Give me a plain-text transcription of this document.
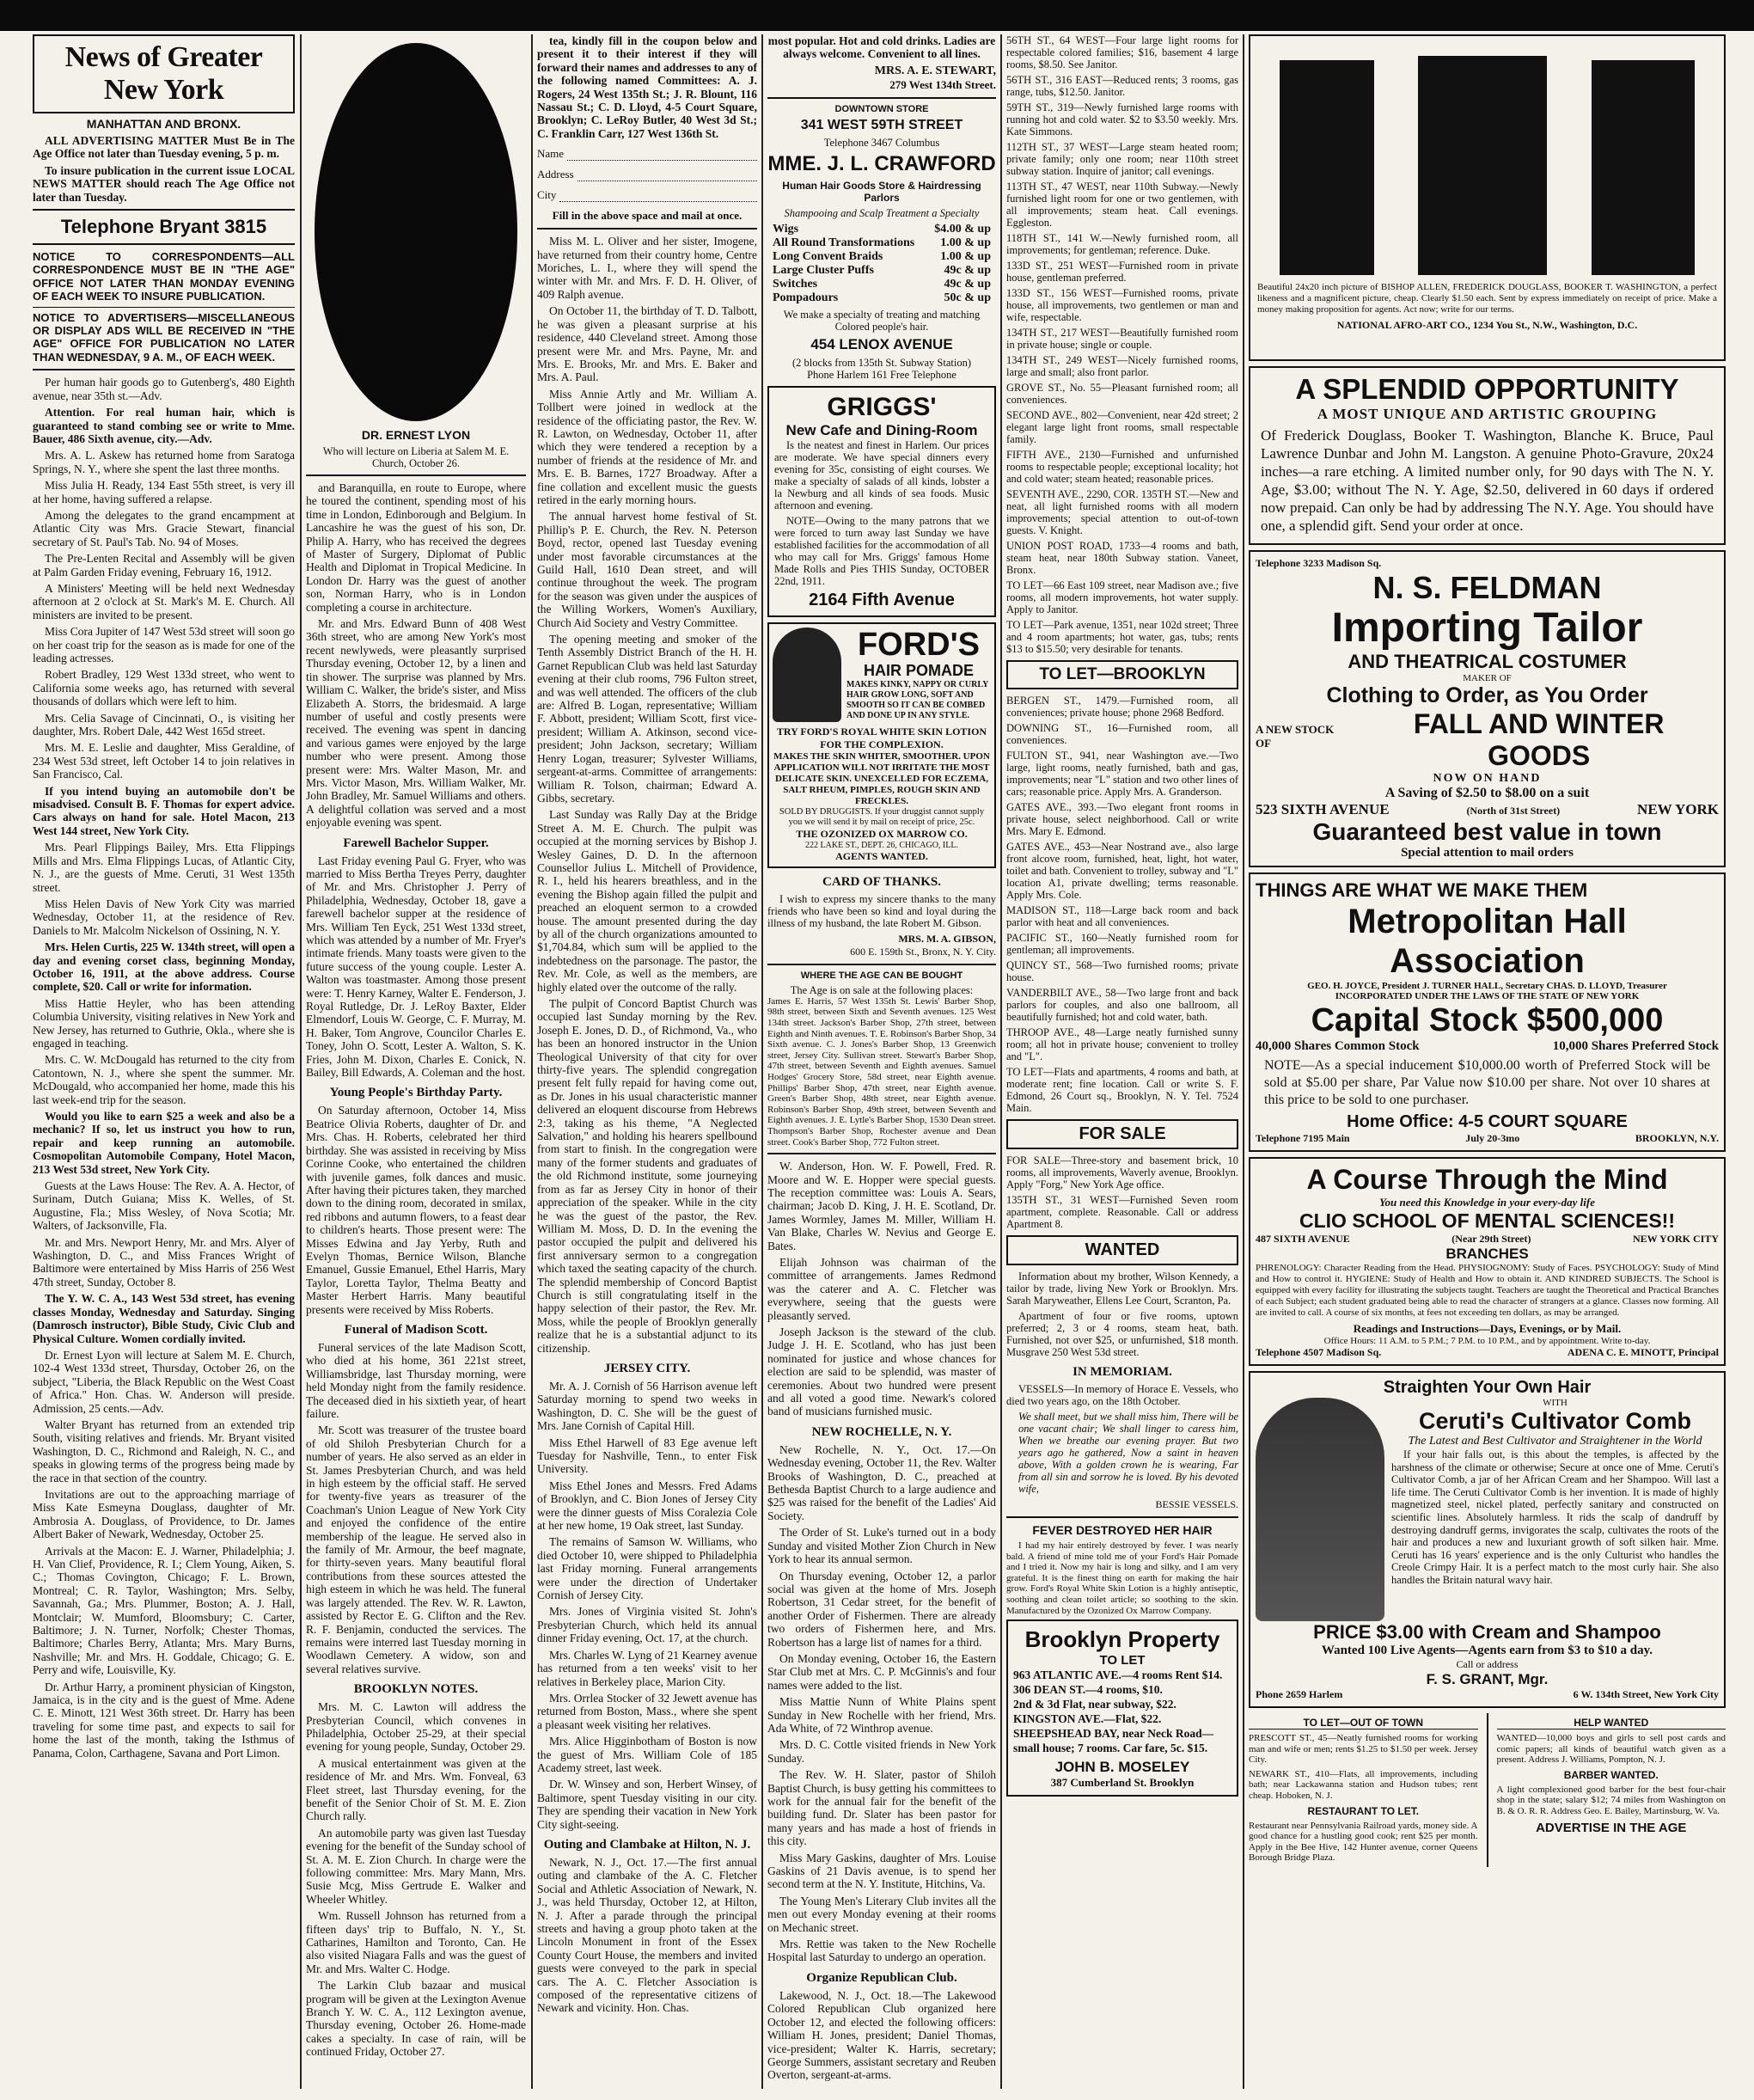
News of Greater New York
MANHATTAN AND BRONX.

ALL ADVERTISING MATTER Must Be in The Age Office not later than Tuesday evening, 5 p. m.

To insure publication in the current issue LOCAL NEWS MATTER should reach The Age Office not later than Tuesday.

Telephone Bryant 3815

NOTICE TO CORRESPONDENTS—ALL CORRESPONDENCE MUST BE IN "THE AGE" OFFICE NOT LATER THAN MONDAY EVENING OF EACH WEEK TO INSURE PUBLICATION.

NOTICE TO ADVERTISERS—MISCELLANEOUS OR DISPLAY ADS WILL BE RECEIVED IN "THE AGE" OFFICE FOR PUBLICATION NO LATER THAN WEDNESDAY, 9 A. M., OF EACH WEEK.

Per human hair goods go to Gutenberg's, 480 Eighth avenue, near 35th st.—Adv.

Attention. For real human hair, which is guaranteed to stand combing see or write to Mme. Bauer, 486 Sixth avenue, city.—Adv.

Mrs. A. L. Askew has returned home from Saratoga Springs, N. Y., where she spent the last three months.

Miss Julia H. Ready, 134 East 55th street, is very ill at her home, having suffered a relapse.

Among the delegates to the grand encampment at Atlantic City was Mrs. Gracie Stewart, financial secretary of St. Paul's Tab. No. 94 of Moses.

The Pre-Lenten Recital and Assembly will be given at Palm Garden Friday evening, February 16, 1912.

A Ministers' Meeting will be held next Wednesday afternoon at 2 o'clock at St. Mark's M. E. Church. All ministers are invited to be present.

Miss Cora Jupiter of 147 West 53d street will soon go on her coast trip for the season as is made for one of the leading actresses.

Robert Bradley, 129 West 133d street, who went to California some weeks ago, has returned with several thousands of dollars which were left to him.

Mrs. Celia Savage of Cincinnati, O., is visiting her daughter, Mrs. Robert Dale, 442 West 165d street.

Mrs. M. E. Leslie and daughter, Miss Geraldine, of 234 West 53d street, left October 14 to join relatives in San Francisco, Cal.

If you intend buying an automobile don't be misadvised. Consult B. F. Thomas for expert advice. Cars always on hand for sale. Hotel Macon, 213 West 144 street, New York City.

Mrs. Pearl Flippings Bailey, Mrs. Etta Flippings Mills and Mrs. Elma Flippings Lucas, of Atlantic City, N. J., are the guests of Mme. Ceruti, 31 West 135th street.

Miss Helen Davis of New York City was married Wednesday, October 11, at the residence of Rev. Daniels to Mr. Malcolm Nickelson of Ossining, N. Y.

Mrs. Helen Curtis, 225 W. 134th street, will open a day and evening corset class, beginning Monday, October 16, 1911, at the above address. Course complete, $20. Call or write for information.

Miss Hattie Heyler, who has been attending Columbia University, visiting relatives in New York and New Jersey, has returned to Guthrie, Okla., where she is engaged in teaching.

Mrs. C. W. McDougald has returned to the city from Catontown, N. J., where she spent the summer. Mr. McDougald, who accompanied her home, made this his last week-end trip for the season.

Would you like to earn $25 a week and also be a mechanic? If so, let us instruct you how to run, repair and keep running an automobile. Cosmopolitan Automobile Company, Hotel Macon, 213 West 53d street, New York City.

Guests at the Laws House: The Rev. A. A. Hector, of Surinam, Dutch Guiana; Miss K. Welles, of St. Augustine, Fla.; Miss Wesley, of Nova Scotia; Mr. Walters, of Jacksonville, Fla.

Mr. and Mrs. Newport Henry, Mr. and Mrs. Alyer of Washington, D. C., and Miss Frances Wright of Baltimore were entertained by Miss Harris of 256 West 47th street, Sunday, October 8.

The Y. W. C. A., 143 West 53d street, has evening classes Monday, Wednesday and Saturday. Singing (Damrosch instructor), Bible Study, Civic Club and Physical Culture. Women cordially invited.

Dr. Ernest Lyon will lecture at Salem M. E. Church, 102-4 West 133d street, Thursday, October 26, on the subject, "Liberia, the Black Republic on the West Coast of Africa." Hon. Chas. W. Anderson will preside. Admission, 25 cents.—Adv.

Walter Bryant has returned from an extended trip South, visiting relatives and friends. Mr. Bryant visited Washington, D. C., Richmond and Raleigh, N. C., and speaks in glowing terms of the progress being made by the race in that section of the country.

Invitations are out to the approaching marriage of Miss Kate Esmeyna Douglass, daughter of Mr. Ambrosia A. Douglass, of Providence, to Dr. James Albert Baker of Newark, Wednesday, October 25.

Arrivals at the Macon: E. J. Warner, Philadelphia; J. H. Van Clief, Providence, R. I.; Clem Young, Aiken, S. C.; Thomas Covington, Chicago; F. L. Brown, Montreal; C. R. Taylor, Washington; Mrs. Selby, Savannah, Ga.; Mrs. Plummer, Boston; A. J. Hall, Montclair; W. Mumford, Bloomsbury; C. Carter, Baltimore; J. N. Turner, Norfolk; Chester Thomas, Baltimore; Charles Berry, Atlanta; Mrs. Mary Burns, Nashville; Mr. and Mrs. H. Goddale, Chicago; G. E. Perry and wife, Louisville, Ky.

Dr. Arthur Harry, a prominent physician of Kingston, Jamaica, is in the city and is the guest of Mme. Adene C. E. Minott, 121 West 36th street. Dr. Harry has been traveling for some time past, and expects to sail for home the last of the month, taking the Isthmus of Panama, Colon, Carthagene, Savana and Port Limon.

DR. ERNEST LYON

Who will lecture on Liberia at Salem M. E. Church, October 26.

and Baranquilla, en route to Europe, where he toured the continent, spending most of his time in London, Edinborough and Belgium. In Lancashire he was the guest of his son, Dr. Philip A. Harry, who has received the degrees of Master of Surgery, Diplomat of Public Health and Diplomat in Tropical Medicine. In London Dr. Harry was the guest of another son, Norman Harry, who is in London completing a course in architecture.

Mr. and Mrs. Edward Bunn of 408 West 36th street, who are among New York's most recent newlyweds, were pleasantly surprised Thursday evening, October 12, by a linen and tin shower. The surprise was planned by Mrs. William C. Walker, the bride's sister, and Miss Elizabeth A. Storrs, the bridesmaid. A large number of useful and costly presents were received. The evening was spent in dancing and various games were enjoyed by the large number who were present. Among those present were: Mrs. Walter Mason, Mr. and Mrs. Victor Mason, Mrs. William Walker, Mr. John Bradley, Mr. Samuel Williams and others. A delightful collation was served and a most enjoyable evening was spent.

Farewell Bachelor Supper.

Last Friday evening Paul G. Fryer, who was married to Miss Bertha Treyes Perry, daughter of Mr. and Mrs. Christopher J. Perry of Philadelphia, Wednesday, October 18, gave a farewell bachelor supper at the residence of Mrs. William Ten Eyck, 251 West 133d street, which was attended by a number of Mr. Fryer's intimate friends. Many toasts were given to the future success of the young couple. Lester A. Walton was toastmaster. Among those present were: T. Henry Karney, Walter E. Fenderson, J. Royal Rutledge, Dr. J. LeRoy Baxter, Elder Elmendorf, Louis W. George, C. F. Murray, M. H. Baker, Tom Angrove, Councilor Charles E. Toney, John O. Scott, Lester A. Walton, S. K. Fries, John M. Dixon, Charles E. Conick, N. Bailey, Bill Edwards, A. Coleman and the host.

Young People's Birthday Party.

On Saturday afternoon, October 14, Miss Beatrice Olivia Roberts, daughter of Dr. and Mrs. Chas. H. Roberts, celebrated her third birthday. She was assisted in receiving by Miss Corinne Cooke, who entertained the children with juvenile games, folk dances and music. After having their pictures taken, they marched down to the dining room, decorated in smilax, red ribbons and autumn flowers, to a feast dear to children's hearts. Those present were: The Misses Edwina and Jay Yerby, Ruth and Evelyn Thomas, Bernice Wilson, Blanche Emanuel, Gussie Emanuel, Ethel Harris, Mary Taylor, Loretta Taylor, Thelma Beatty and Master Herbert Harris. Many beautiful presents were received by Miss Roberts.

Funeral of Madison Scott.

Funeral services of the late Madison Scott, who died at his home, 361 221st street, Williamsbridge, last Thursday morning, were held Monday night from the family residence. The deceased died in his sixtieth year, of heart failure.

Mr. Scott was treasurer of the trustee board of old Shiloh Presbyterian Church for a number of years. He also served as an elder in St. James Presbyterian Church, and was held in high esteem by the official staff. He served for twenty-five years as treasurer of the Coachman's Union League of New York City and enjoyed the confidence of the entire membership of the league. He served also in the family of Mr. Armour, the beef magnate, for thirty-seven years. Many beautiful floral contributions from these sources attested the high esteem in which he was held. The funeral was largely attended. The Rev. W. R. Lawton, assisted by Rector E. G. Clifton and the Rev. R. F. Benjamin, conducted the services. The remains were interred last Tuesday morning in Woodlawn Cemetery. A widow, son and several relatives survive.

BROOKLYN NOTES.

Mrs. M. C. Lawton will address the Presbyterian Council, which convenes in Philadelphia, October 25-29, at their special evening for young people, Sunday, October 29.

A musical entertainment was given at the residence of Mr. and Mrs. Wm. Fonveal, 63 Fleet street, last Thursday evening, for the benefit of the Senior Choir of St. M. E. Zion Church rally.

An automobile party was given last Tuesday evening for the benefit of the Sunday school of St. A. M. E. Zion Church. In charge were the following committee: Mrs. Mary Mann, Mrs. Susie Mcg, Miss Gertrude E. Walker and Wheeler Whitley.

Wm. Russell Johnson has returned from a fifteen days' trip to Buffalo, N. Y., St. Catharines, Hamilton and Toronto, Can. He also visited Niagara Falls and was the guest of Mr. and Mrs. Walter C. Hodge.

The Larkin Club bazaar and musical program will be given at the Lexington Avenue Branch Y. W. C. A., 112 Lexington avenue, Thursday evening, October 26. Home-made cakes a specialty. In case of rain, will be continued Friday, October 27.

tea, kindly fill in the coupon below and present it to their interest if they will forward their names and addresses to any of the following named Committees: A. J. Rogers, 24 West 135th St.; J. R. Blount, 116 Nassau St.; C. D. Lloyd, 4-5 Court Square, Brooklyn; C. LeRoy Butler, 40 West 3d St.; C. Franklin Carr, 127 West 136th St.

Name
Address
City
Fill in the above space and mail at once.

Miss M. L. Oliver and her sister, Imogene, have returned from their country home, Centre Moriches, L. I., where they will spend the winter with Mr. and Mrs. F. D. H. Oliver, of 409 Ralph avenue.

On October 11, the birthday of T. D. Talbott, he was given a pleasant surprise at his residence, 440 Cleveland street. Among those present were Mr. and Mrs. Payne, Mr. and Mrs. E. Brooks, Mr. and Mrs. E. Baker and Mrs. A. Paul.

Miss Annie Artly and Mr. William A. Tollbert were joined in wedlock at the residence of the officiating pastor, the Rev. W. R. Lawton, on Wednesday, October 11, after which they were tendered a reception by a number of friends at the residence of Mr. and Mrs. E. B. Barnes, 1727 Broadway. After a fine collation and excellent music the guests retired in the early morning hours.

The annual harvest home festival of St. Phillip's P. E. Church, the Rev. N. Peterson Boyd, rector, opened last Tuesday evening under most favorable circumstances at the Guild Hall, 1610 Dean street, and will continue throughout the week. The program for the season was given under the auspices of the Willing Workers, Women's Auxiliary, Church Aid Society and Vestry Committee.

The opening meeting and smoker of the Tenth Assembly District Branch of the H. H. Garnet Republican Club was held last Saturday evening at their club rooms, 796 Fulton street, and was well attended. The officers of the club are: Alfred B. Logan, representative; William F. Abbott, president; William Scott, first vice-president; William A. Atkinson, second vice-president; John Jackson, secretary; William Henry Logan, treasurer; Sylvester Williams, sergeant-at-arms. Committee of arrangements: William R. Tolson, chairman; Edward A. Gibbs, secretary.

Last Sunday was Rally Day at the Bridge Street A. M. E. Church. The pulpit was occupied at the morning services by Bishop J. Wesley Gaines, D. D. In the afternoon Counsellor Julius L. Mitchell of Providence, R. I., held his hearers breathless, and in the evening the Bishop again filled the pulpit and preached an eloquent sermon to a crowded house. The amount presented during the day by all of the church organizations amounted to $1,704.84, which sum will be applied to the indebtedness on the parsonage. The pastor, the Rev. Mr. Cole, as well as the members, are highly elated over the outcome of the rally.

The pulpit of Concord Baptist Church was occupied last Sunday morning by the Rev. Joseph E. Jones, D. D., of Richmond, Va., who has been an honored instructor in the Union Theological University of that city for over thirty-five years. The splendid congregation present felt fully repaid for having come out, as Dr. Jones in his usual characteristic manner delivered an eloquent discourse from Hebrews 2:3, taking as his theme, "A Neglected Salvation," and holding his hearers spellbound from start to finish. In the congregation were many of the former students and graduates of the old Richmond institute, some journeying from as far as Jersey City in honor of their appreciation of the speaker. While in the city he was the guest of the pastor, the Rev. William M. Moss, D. D. In the evening the pastor occupied the pulpit and delivered his first anniversary sermon to a congregation which taxed the seating capacity of the church. The splendid membership of Concord Baptist Church is still congratulating itself in the happy selection of their pastor, the Rev. Mr. Moss, while the people of Brooklyn generally realize that he is a substantial adjunct to its citizenship.

JERSEY CITY.

Mr. A. J. Cornish of 56 Harrison avenue left Saturday morning to spend two weeks in Washington, D. C. She will be the guest of Mrs. Jane Cornish of Capital Hill.

Miss Ethel Harwell of 83 Ege avenue left Tuesday for Nashville, Tenn., to enter Fisk University.

Miss Ethel Jones and Messrs. Fred Adams of Brooklyn, and C. Bion Jones of Jersey City were the dinner guests of Miss Coralezia Cole at her new home, 19 Oak street, last Sunday.

The remains of Samson W. Williams, who died October 10, were shipped to Philadelphia last Friday morning. Funeral arrangements were under the direction of Undertaker Cornish of Jersey City.

Mrs. Jones of Virginia visited St. John's Presbyterian Church, which held its annual dinner Friday evening, Oct. 17, at the church.

Mrs. Charles W. Lyng of 21 Kearney avenue has returned from a ten weeks' visit to her relatives in Berkeley place, Marion City.

Mrs. Orrlea Stocker of 32 Jewett avenue has returned from Boston, Mass., where she spent a pleasant week visiting her relatives.

Mrs. Alice Higginbotham of Boston is now the guest of Mrs. William Cole of 185 Academy street, last week.

Dr. W. Winsey and son, Herbert Winsey, of Baltimore, spent Tuesday visiting in our city. They are spending their vacation in New York City sight-seeing.

Outing and Clambake at Hilton, N. J.

Newark, N. J., Oct. 17.—The first annual outing and clambake of the A. C. Fletcher Social and Athletic Association of Newark, N. J., was held Thursday, October 12, at Hilton, N. J. After a parade through the principal streets and having a group photo taken at the Lincoln Monument in front of the Essex County Court House, the members and invited guests were conveyed to the park in special cars. The A. C. Fletcher Association is composed of the representative citizens of Newark and vicinity. Hon. Chas.

most popular. Hot and cold drinks. Ladies are always welcome. Convenient to all lines.

MRS. A. E. STEWART,
279 West 134th Street.
DOWNTOWN STORE
341 WEST 59TH STREET
Telephone 3467 Columbus
MME. J. L. CRAWFORD
Human Hair Goods Store & Hairdressing Parlors
Shampooing and Scalp Treatment a Specialty
Wigs	$4.00 & up
All Round Transformations 1.00 & up
Long Convent Braids	1.00 & up
Large Cluster Puffs	49c & up
Switches	49c & up
Pompadours	50c & up
We make a specialty of treating and matching Colored people's hair.
454 LENOX AVENUE
(2 blocks from 135th St. Subway Station)
Phone Harlem 161 Free Telephone
GRIGGS'
New Cafe and Dining-Room

Is the neatest and finest in Harlem. Our prices are moderate. We have special dinners every evening for 35c, consisting of eight courses. We make a specialty of salads of all kinds, lobster a la Newburg and all kinds of sea foods. Music afternoon and evening.

NOTE—Owing to the many patrons that we were forced to turn away last Sunday we have established facilities for the accommodation of all who may call for Mrs. Griggs' famous Home Made Rolls and Pies THIS Sunday, OCTOBER 22nd, 1911.

2164 Fifth Avenue
FORD'S
HAIR POMADE
MAKES KINKY, NAPPY OR CURLY HAIR GROW LONG, SOFT AND SMOOTH SO IT CAN BE COMBED AND DONE UP IN ANY STYLE.
TRY FORD'S ROYAL WHITE SKIN LOTION FOR THE COMPLEXION.
MAKES THE SKIN WHITER, SMOOTHER. UPON APPLICATION WILL NOT IRRITATE THE MOST DELICATE SKIN. UNEXCELLED FOR ECZEMA, SALT RHEUM, PIMPLES, ROUGH SKIN AND FRECKLES.
SOLD BY DRUGGISTS. If your druggist cannot supply you we will send it by mail on receipt of price, 25c.
THE OZONIZED OX MARROW CO.
222 LAKE ST., DEPT. 26, CHICAGO, ILL.
AGENTS WANTED.
CARD OF THANKS.

I wish to express my sincere thanks to the many friends who have been so kind and loyal during the illness of my husband, the late Robert M. Gibson.

MRS. M. A. GIBSON,
600 E. 159th St., Bronx, N. Y. City.
WHERE THE AGE CAN BE BOUGHT
The Age is on sale at the following places:

James E. Harris, 57 West 135th St. Lewis' Barber Shop, 98th street, between Sixth and Seventh avenues. 125 West 134th street. Jackson's Barber Shop, 27th street, between Eighth and Ninth avenues. T. E. Robinson's Barber Shop, 34 Sixth avenue. C. J. Jones's Barber Shop, 13 Greenwich street, Jersey City. Sullivan street. Stewart's Barber Shop, 47th street, between Seventh and Eighth avenues. Samuel Hodges' Grocery Store, 58d street, near Eighth avenue. Phillips' Barber Shop, 47th street, near Eighth avenue. Green's Barber Shop, 48th street, near Eighth avenue. Robinson's Barber Shop, 49th street, between Seventh and Eighth avenues. J. E. Lytle's Barber Shop, 1530 Dean street. Thompson's Barber Shop, Rochester avenue and Dean street. Cook's Barber Shop, 772 Fulton street.

W. Anderson, Hon. W. F. Powell, Fred. R. Moore and W. E. Hopper were special guests. The reception committee was: Louis A. Sears, chairman; Jacob D. King, J. H. E. Scotland, Dr. James Wormley, James M. Miller, William H. Van Blake, Charles W. Nevius and George E. Bates.

Elijah Johnson was chairman of the committee of arrangements. James Redmond was the caterer and A. C. Fletcher was everywhere, seeing that the guests were pleasantly served.

Joseph Jackson is the steward of the club. Judge J. H. E. Scotland, who has just been nominated for justice and whose chances for election are said to be splendid, was master of ceremonies. About two hundred were present and all voted a good time. Newark's colored band of musicians furnished music.

NEW ROCHELLE, N. Y.

New Rochelle, N. Y., Oct. 17.—On Wednesday evening, October 11, the Rev. Walter Brooks of Washington, D. C., preached at Bethesda Baptist Church to a large audience and $25 was raised for the benefit of the Ladies' Aid Society.

The Order of St. Luke's turned out in a body Sunday and visited Mother Zion Church in New York to hear its annual sermon.

On Thursday evening, October 12, a parlor social was given at the home of Mrs. Joseph Robertson, 31 Cedar street, for the benefit of another Order of Fishermen. There are already two orders of Fishermen here, and Mrs. Robertson has a large list of names for a third.

On Monday evening, October 16, the Eastern Star Club met at Mrs. C. P. McGinnis's and four names were added to the list.

Miss Mattie Nunn of White Plains spent Sunday in New Rochelle with her friend, Mrs. Ada White, of 72 Winthrop avenue.

Mrs. D. C. Cottle visited friends in New York Sunday.

The Rev. W. H. Slater, pastor of Shiloh Baptist Church, is busy getting his committees to work for the annual fair for the benefit of the building fund. Dr. Slater has been pastor for many years and has made a host of friends in this city.

Miss Mary Gaskins, daughter of Mrs. Louise Gaskins of 21 Davis avenue, is to spend her second term at the N. Y. Institute, Hitchins, Va.

The Young Men's Literary Club invites all the men out every Monday evening at their rooms on Mechanic street.

Mrs. Rettie was taken to the New Rochelle Hospital last Saturday to undergo an operation.

Organize Republican Club.

Lakewood, N. J., Oct. 18.—The Lakewood Colored Republican Club organized here October 12, and elected the following officers: William H. Jones, president; Daniel Thomas, vice-president; Walter K. Harris, secretary; George Summers, assistant secretary and Reuben Overton, sergeant-at-arms.

56TH ST., 64 WEST—Four large light rooms for respectable colored families; $16, basement 4 large rooms, $8.50. See Janitor.

56TH ST., 316 EAST—Reduced rents; 3 rooms, gas range, tubs, $12.50. Janitor.

59TH ST., 319—Newly furnished large rooms with running hot and cold water. $2 to $3.50 weekly. Mrs. Kate Simmons.

112TH ST., 37 WEST—Large steam heated room; private family; only one room; near 110th street subway station. Inquire of janitor; call evenings.

113TH ST., 47 WEST, near 110th Subway.—Newly furnished light room for one or two gentlemen, with all improvements; steam heat. Call evenings. Eggleston.

118TH ST., 141 W.—Newly furnished room, all improvements; for gentleman; reference. Duke.

133D ST., 251 WEST—Furnished room in private house, gentleman preferred.

133D ST., 156 WEST—Furnished rooms, private house, all improvements, two gentlemen or man and wife, respectable.

134TH ST., 217 WEST—Beautifully furnished room in private house; single or couple.

134TH ST., 249 WEST—Nicely furnished rooms, large and small; also front parlor.

GROVE ST., No. 55—Pleasant furnished room; all conveniences.

SECOND AVE., 802—Convenient, near 42d street; 2 elegant large light front rooms, small respectable family.

FIFTH AVE., 2130—Furnished and unfurnished rooms to respectable people; exceptional locality; hot and cold water; steam heated; reasonable prices.

SEVENTH AVE., 2290, COR. 135TH ST.—New and neat, all light furnished rooms with all modern improvements; special attention to out-of-town guests. V. Knight.

UNION POST ROAD, 1733—4 rooms and bath, steam heat, near 180th Subway station. Vaneet, Bronx.

TO LET—66 East 109 street, near Madison ave.; five rooms, all modern improvements, hot water supply. Apply to Janitor.

TO LET—Park avenue, 1351, near 102d street; Three and 4 room apartments; hot water, gas, tubs; rents $13 to $15.50; very desirable for tenants.

TO LET—BROOKLYN

BERGEN ST., 1479.—Furnished room, all conveniences; private house; phone 2968 Bedford.

DOWNING ST., 16—Furnished room, all conveniences.

FULTON ST., 941, near Washington ave.—Two large, light rooms, neatly furnished, bath and gas, improvements; near "L" station and two other lines of cars; reasonable price. Apply Mrs. A. Granderson.

GATES AVE., 393.—Two elegant front rooms in private house, select neighborhood. Call or write Mrs. Mary E. Edmond.

GATES AVE., 453—Near Nostrand ave., also large front alcove room, furnished, heat, light, hot water, toilet and bath. Convenient to trolley, subway and "L" location A1, private dwelling; terms reasonable. Apply Mrs. Cole.

MADISON ST., 118—Large back room and back parlor with heat and all conveniences.

PACIFIC ST., 160—Neatly furnished room for gentleman; all improvements.

QUINCY ST., 568—Two furnished rooms; private house.

VANDERBILT AVE., 58—Two large front and back parlors for couples, and also one ballroom, all beautifully furnished; hot and cold water, bath.

THROOP AVE., 48—Large neatly furnished sunny room; all hot in private house; convenient to trolley and "L".

TO LET—Flats and apartments, 4 rooms and bath, at moderate rent; fine location. Call or write S. F. Edmond, 26 Court sq., Brooklyn, N. Y. Tel. 7524 Main.

FOR SALE

FOR SALE—Three-story and basement brick, 10 rooms, all improvements, Waverly avenue, Brooklyn. Apply "Forg," New York Age office.

135TH ST., 31 WEST—Furnished Seven room apartment, complete. Reasonable. Call or address Apartment 8.

WANTED

Information about my brother, Wilson Kennedy, a tailor by trade, living New York or Brooklyn. Mrs. Sarah Maryweather, Ellens Lee Court, Scranton, Pa.

Apartment of four or five rooms, uptown preferred; 2, 3 or 4 rooms, steam heat, bath. Furnished, not over $25, or unfurnished, $18 month. Musgrave 250 West 53d street.

IN MEMORIAM.

VESSELS—In memory of Horace E. Vessels, who died two years ago, on the 18th October.

We shall meet, but we shall miss him, There will be one vacant chair; We shall linger to caress him, When we breathe our evening prayer. But two years ago he gathered, Now a saint in heaven above, With a golden crown he is wearing, Far from all sin and sorrow he is loved. By his devoted wife,

BESSIE VESSELS.
FEVER DESTROYED HER HAIR

I had my hair entirely destroyed by fever. I was nearly bald. A friend of mine told me of your Ford's Hair Pomade and I tried it. Now my hair is long and silky, and I am very grateful. It is the finest thing on earth for making the hair grow. Ford's Royal White Skin Lotion is a highly antiseptic, soothing and clean toilet article; so soothing to the skin. Manufactured by the Ozonized Ox Marrow Company.

Brooklyn Property
TO LET
963 ATLANTIC AVE.—4 rooms Rent $14.
306 DEAN ST.—4 rooms, $10.
2nd & 3d Flat, near subway, $22.
KINGSTON AVE.—Flat, $22.
SHEEPSHEAD BAY, near Neck Road—small house; 7 rooms. Car fare, 5c. $15.
JOHN B. MOSELEY
387 Cumberland St. Brooklyn

Beautiful 24x20 inch picture of BISHOP ALLEN, FREDERICK DOUGLASS, BOOKER T. WASHINGTON, a perfect likeness and a magnificent picture, cheap. Clearly $1.50 each. Sent by express immediately on receipt of price. Make a money making proposition for agents. Act now; write for our terms.

NATIONAL AFRO-ART CO., 1234 You St., N.W., Washington, D.C.
A SPLENDID OPPORTUNITY
A MOST UNIQUE AND ARTISTIC GROUPING

Of Frederick Douglass, Booker T. Washington, Blanche K. Bruce, Paul Lawrence Dunbar and John M. Langston. A genuine Photo-Gravure, 20x24 inches—a rare etching. A limited number only, for 90 days with The N. Y. Age, $3.00; without The N. Y. Age, $2.50, delivered in 60 days if ordered now prepaid. Can only be had by addressing The N.Y. Age. You should have one, a splendid gift. Send your order at once.

Telephone 3233 Madison Sq.
N. S. FELDMAN
Importing Tailor
AND THEATRICAL COSTUMER
MAKER OF
Clothing to Order, as You Order
A NEW STOCK OF
FALL AND WINTER GOODS
NOW ON HAND
A Saving of $2.50 to $8.00 on a suit
523 SIXTH AVENUE	(North of 31st Street)	NEW YORK
Guaranteed best value in town
Special attention to mail orders
THINGS ARE WHAT WE MAKE THEM
Metropolitan Hall Association
GEO. H. JOYCE, President J. TURNER HALL, Secretary CHAS. D. LLOYD, Treasurer
INCORPORATED UNDER THE LAWS OF THE STATE OF NEW YORK
Capital Stock $500,000
40,000 Shares Common Stock	10,000 Shares Preferred Stock

NOTE—As a special inducement $10,000.00 worth of Preferred Stock will be sold at $5.00 per share, Par Value now $10.00 per share. Not over 10 shares at this price to be sold to one purchaser.

Home Office: 4-5 COURT SQUARE
Telephone 7195 Main	July 20-3mo	BROOKLYN, N.Y.
A Course Through the Mind
You need this Knowledge in your every-day life
CLIO SCHOOL OF MENTAL SCIENCES!!
487 SIXTH AVENUE	(Near 29th Street)	NEW YORK CITY
BRANCHES

PHRENOLOGY: Character Reading from the Head. PHYSIOGNOMY: Study of Faces. PSYCHOLOGY: Study of Mind and How to control it. HYGIENE: Study of Health and How to obtain it. AND KINDRED SUBJECTS. The School is equipped with every facility for illustrating the subjects taught. Teachers are taught the Theoretical and Practical Branches of each Subject; each student graduated being able to read the character of strangers at a glance. Classes now forming. All are invited to call. A course of six months, at fees not exceeding ten dollars, as may be arranged.

Readings and Instructions—Days, Evenings, or by Mail.
Office Hours: 11 A.M. to 5 P.M.; 7 P.M. to 10 P.M., and by appointment. Write to-day.
Telephone 4507 Madison Sq.	ADENA C. E. MINOTT, Principal
Straighten Your Own Hair
WITH
Ceruti's Cultivator Comb
The Latest and Best Cultivator and Straightener in the World

If your hair falls out, is this about the temples, is affected by the harshness of the climate or otherwise; Secure at once one of Mme. Ceruti's Cultivator Comb, a jar of her African Cream and her Shampoo. Will last a life time. The Ceruti Cultivator Comb is her invention. It is made of highly magnetized steel, nickel plated, perfectly sanitary and constructed on scientific lines. Absolutely harmless. It rids the scalp of dandruff by destroying dandruff germs, invigorates the scalp, cultivates the roots of the hair and produces a new and luxuriant growth of soft silken hair. Mme. Ceruti has 16 years' experience and is the only Culturist who handles the Creole Crimpy Hair. It is a perfect match to the most curly hair. She also handles the Britain natural wavy hair.

PRICE $3.00 with Cream and Shampoo
Wanted 100 Live Agents—Agents earn from $3 to $10 a day.
Call or address
F. S. GRANT, Mgr.
Phone 2659 Harlem	6 W. 134th Street, New York City
TO LET—OUT OF TOWN

PRESCOTT ST., 45—Neatly furnished rooms for working man and wife or men; rents $1.25 to $1.50 per week. Jersey City.

NEWARK ST., 410—Flats, all improvements, including bath; near Lackawanna station and Hudson tubes; rent cheap. Hoboken, N. J.

RESTAURANT TO LET.

Restaurant near Pennsylvania Railroad yards, money side. A good chance for a hustling good cook; rent $25 per month. Apply in the Bee Hive, 142 Hunter avenue, corner Queens Borough Bridge Plaza.

HELP WANTED

WANTED—10,000 boys and girls to sell post cards and comic papers; all kinds of beautiful watch given as a present. Address J. Williams, Pompton, N. J.

BARBER WANTED.

A light complexioned good barber for the best four-chair shop in the state; salary $12; 74 miles from Washington on B. & O. R. R. Address Geo. E. Bailey, Martinsburg, W. Va.

ADVERTISE IN THE AGE
